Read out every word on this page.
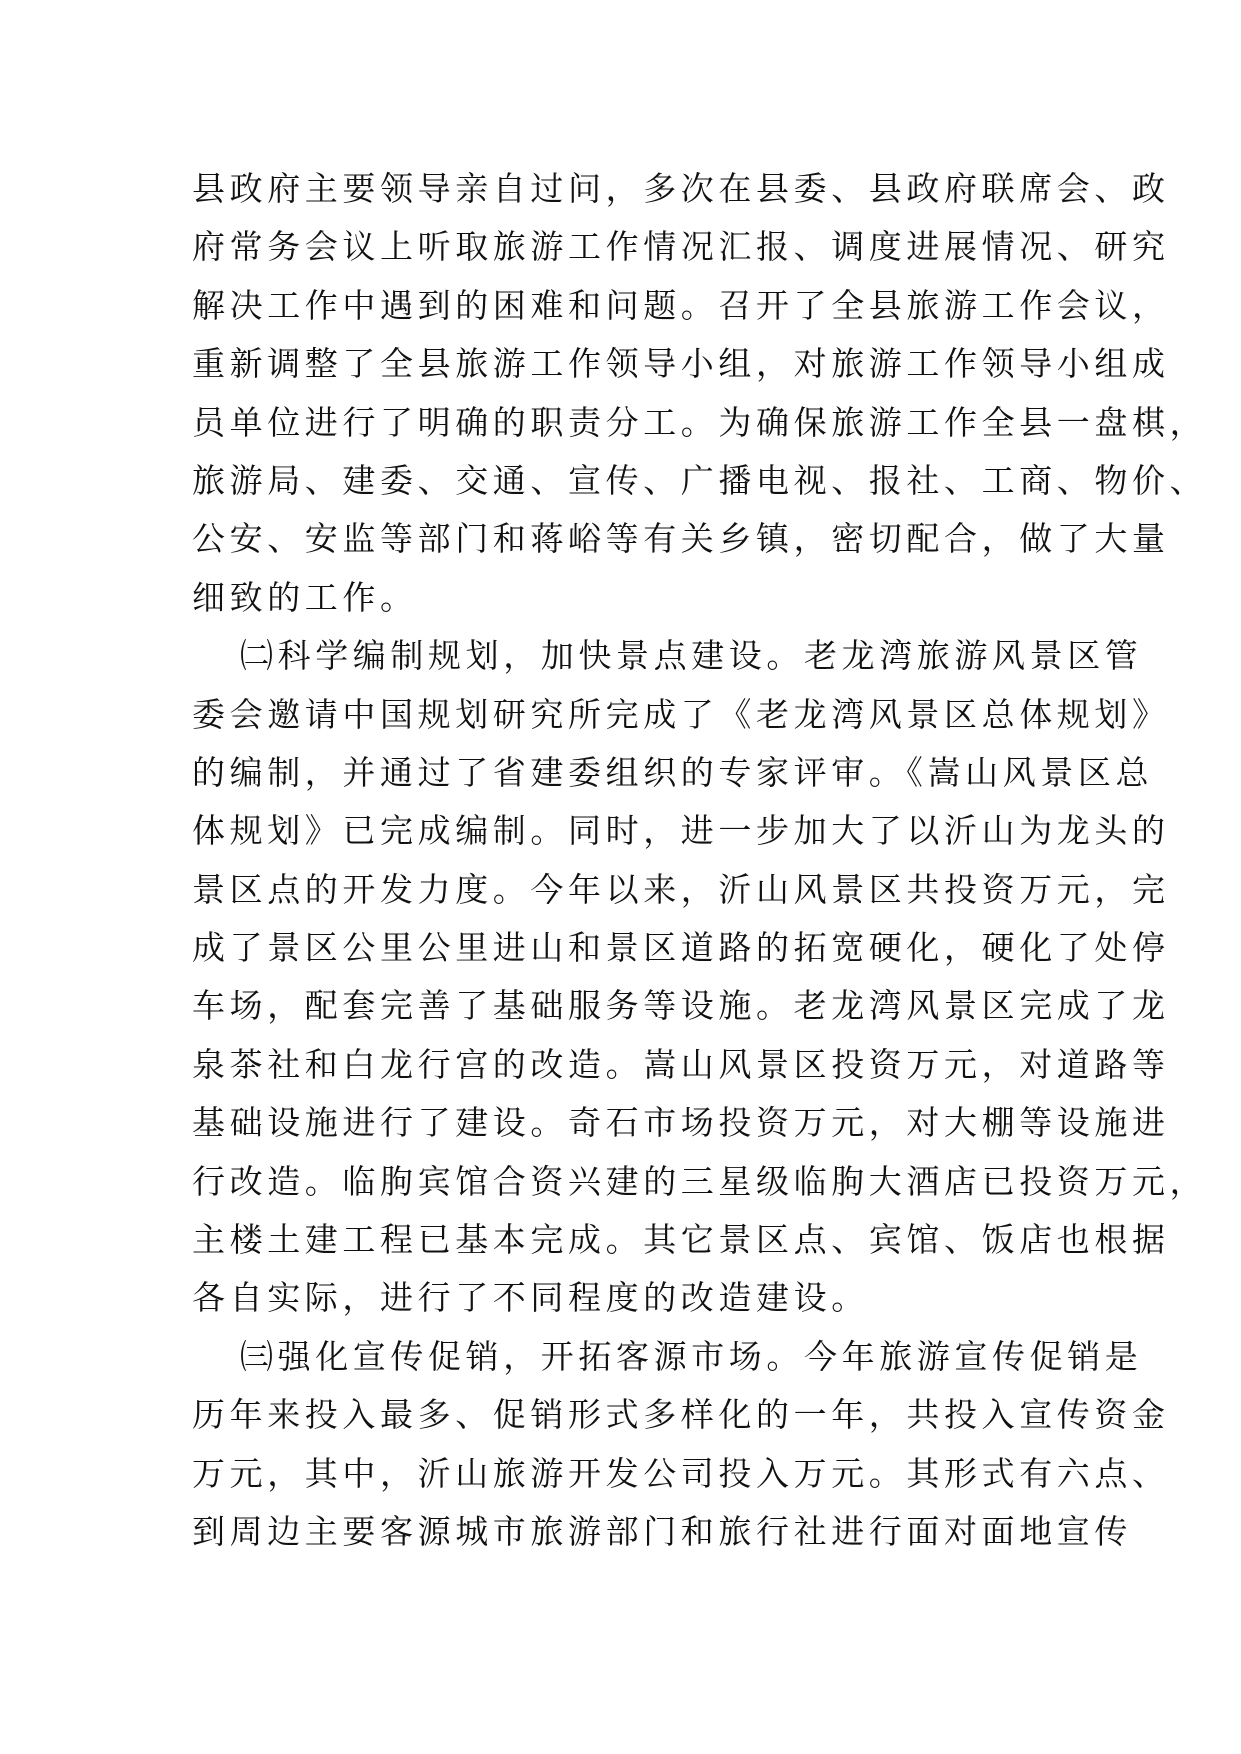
县政府主要领导亲自过问，多次在县委、县政府联席会、政
府常务会议上听取旅游工作情况汇报、调度进展情况、研究
解决工作中遇到的困难和问题。召开了全县旅游工作会议，
重新调整了全县旅游工作领导小组，对旅游工作领导小组成
员单位进行了明确的职责分工。为确保旅游工作全县一盘棋，
旅游局、建委、交通、宣传、广播电视、报社、工商、物价、
公安、安监等部门和蒋峪等有关乡镇，密切配合，做了大量
细致的工作。
㈡科学编制规划，加快景点建设。老龙湾旅游风景区管
委会邀请中国规划研究所完成了《老龙湾风景区总体规划》
的编制，并通过了省建委组织的专家评审。《嵩山风景区总
体规划》已完成编制。同时，进一步加大了以沂山为龙头的
景区点的开发力度。今年以来，沂山风景区共投资万元，完
成了景区公里公里进山和景区道路的拓宽硬化，硬化了处停
车场，配套完善了基础服务等设施。老龙湾风景区完成了龙
泉茶社和白龙行宫的改造。嵩山风景区投资万元，对道路等
基础设施进行了建设。奇石市场投资万元，对大棚等设施进
行改造。临朐宾馆合资兴建的三星级临朐大酒店已投资万元，
主楼土建工程已基本完成。其它景区点、宾馆、饭店也根据
各自实际，进行了不同程度的改造建设。
㈢强化宣传促销，开拓客源市场。今年旅游宣传促销是
历年来投入最多、促销形式多样化的一年，共投入宣传资金
万元，其中，沂山旅游开发公司投入万元。其形式有六点、
到周边主要客源城市旅游部门和旅行社进行面对面地宣传
